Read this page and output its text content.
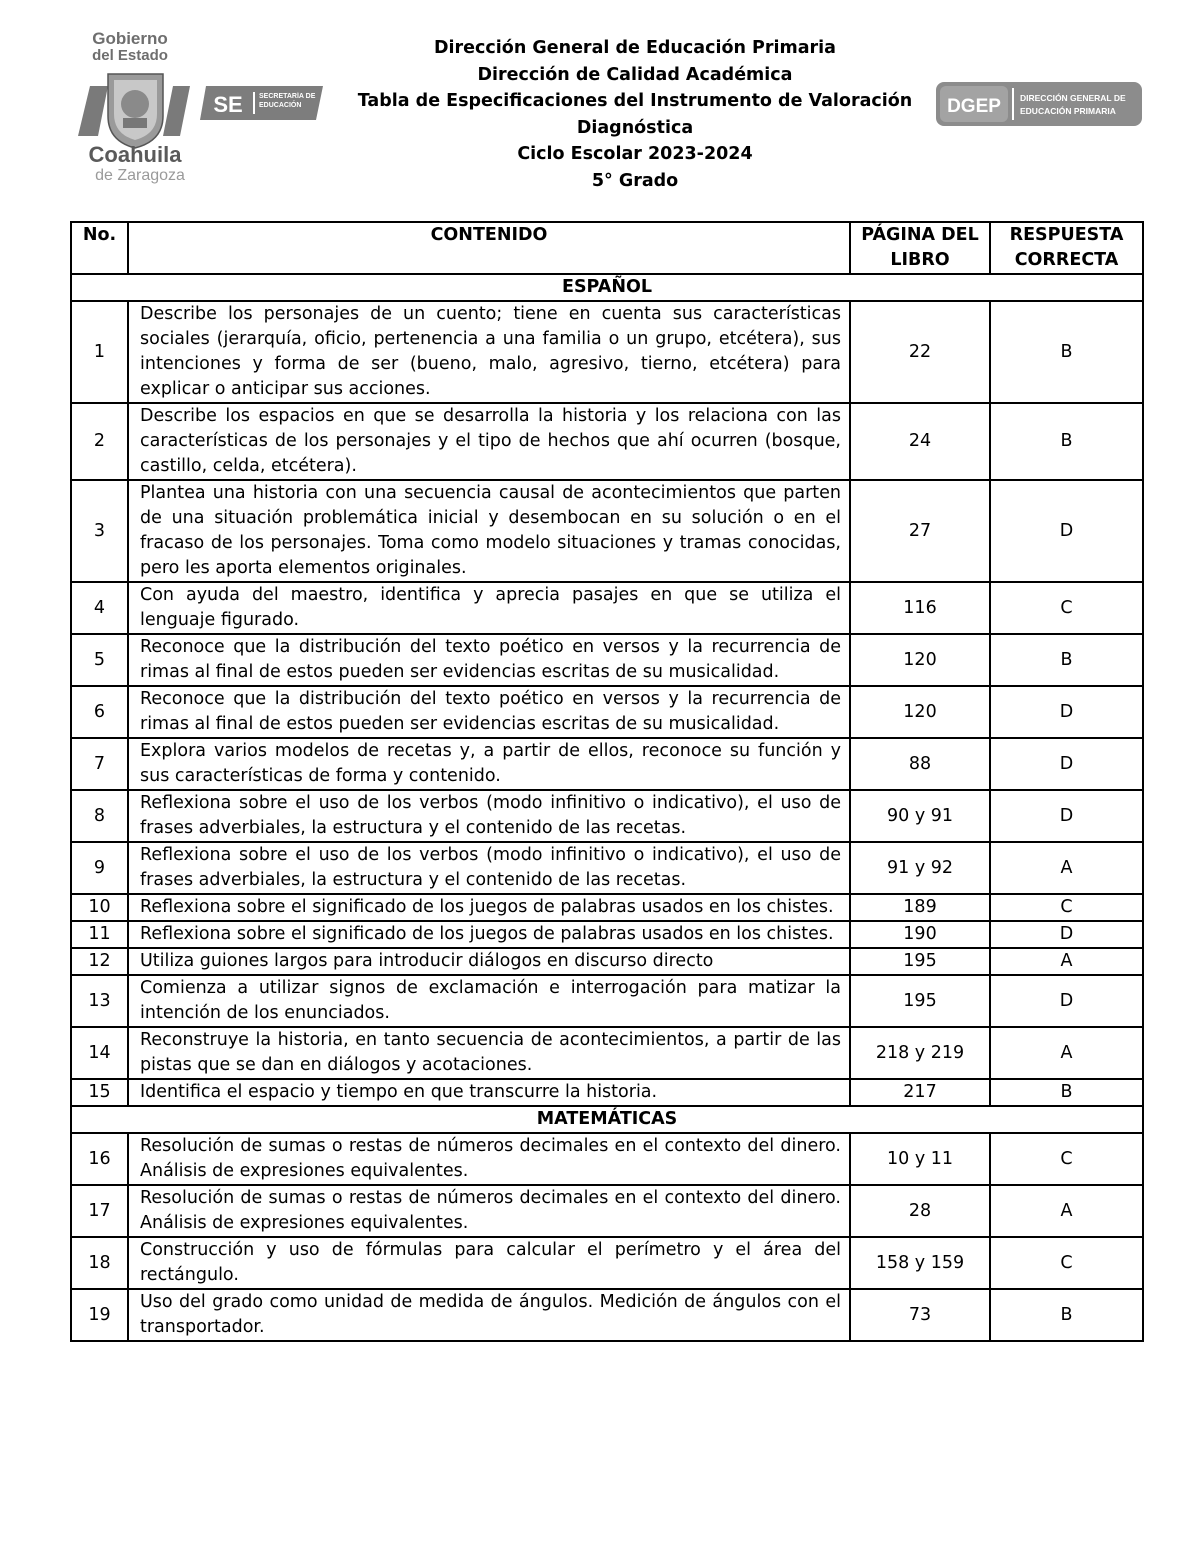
Gobierno
del Estado
SE SECRETARÍA DE EDUCACIÓN
Coahuila
de Zaragoza
DGEP DIRECCIÓN GENERAL DE
EDUCACIÓN PRIMARIA
Dirección General de Educación Primaria
Dirección de Calidad Académica
Tabla de Especificaciones del Instrumento de Valoración
Diagnóstica
Ciclo Escolar 2023-2024
5° Grado
No.	CONTENIDO	PÁGINA DEL LIBRO	RESPUESTA CORRECTA
ESPAÑOL			
1	Describe los personajes de un cuento; tiene en cuenta sus características sociales (jerarquía, oficio, pertenencia a una familia o un grupo, etcétera), sus intenciones y forma de ser (bueno, malo, agresivo, tierno, etcétera) para explicar o anticipar sus acciones.	22	B
2	Describe los espacios en que se desarrolla la historia y los relaciona con las características de los personajes y el tipo de hechos que ahí ocurren (bosque, castillo, celda, etcétera).	24	B
3	Plantea una historia con una secuencia causal de acontecimientos que parten de una situación problemática inicial y desembocan en su solución o en el fracaso de los personajes. Toma como modelo situaciones y tramas conocidas, pero les aporta elementos originales.	27	D
4	Con ayuda del maestro, identifica y aprecia pasajes en que se utiliza el lenguaje figurado.	116	C
5	Reconoce que la distribución del texto poético en versos y la recurrencia de rimas al final de estos pueden ser evidencias escritas de su musicalidad.	120	B
6	Reconoce que la distribución del texto poético en versos y la recurrencia de rimas al final de estos pueden ser evidencias escritas de su musicalidad.	120	D
7	Explora varios modelos de recetas y, a partir de ellos, reconoce su función y sus características de forma y contenido.	88	D
8	Reflexiona sobre el uso de los verbos (modo infinitivo o indicativo), el uso de frases adverbiales, la estructura y el contenido de las recetas.	90 y 91	D
9	Reflexiona sobre el uso de los verbos (modo infinitivo o indicativo), el uso de frases adverbiales, la estructura y el contenido de las recetas.	91 y 92	A
10	Reflexiona sobre el significado de los juegos de palabras usados en los chistes.	189	C
11	Reflexiona sobre el significado de los juegos de palabras usados en los chistes.	190	D
12	Utiliza guiones largos para introducir diálogos en discurso directo	195	A
13	Comienza a utilizar signos de exclamación e interrogación para matizar la intención de los enunciados.	195	D
14	Reconstruye la historia, en tanto secuencia de acontecimientos, a partir de las pistas que se dan en diálogos y acotaciones.	218 y 219	A
15	Identifica el espacio y tiempo en que transcurre la historia.	217	B
MATEMÁTICAS			
16	Resolución de sumas o restas de números decimales en el contexto del dinero. Análisis de expresiones equivalentes.	10 y 11	C
17	Resolución de sumas o restas de números decimales en el contexto del dinero. Análisis de expresiones equivalentes.	28	A
18	Construcción y uso de fórmulas para calcular el perímetro y el área del rectángulo.	158 y 159	C
19	Uso del grado como unidad de medida de ángulos. Medición de ángulos con el transportador.	73	B
